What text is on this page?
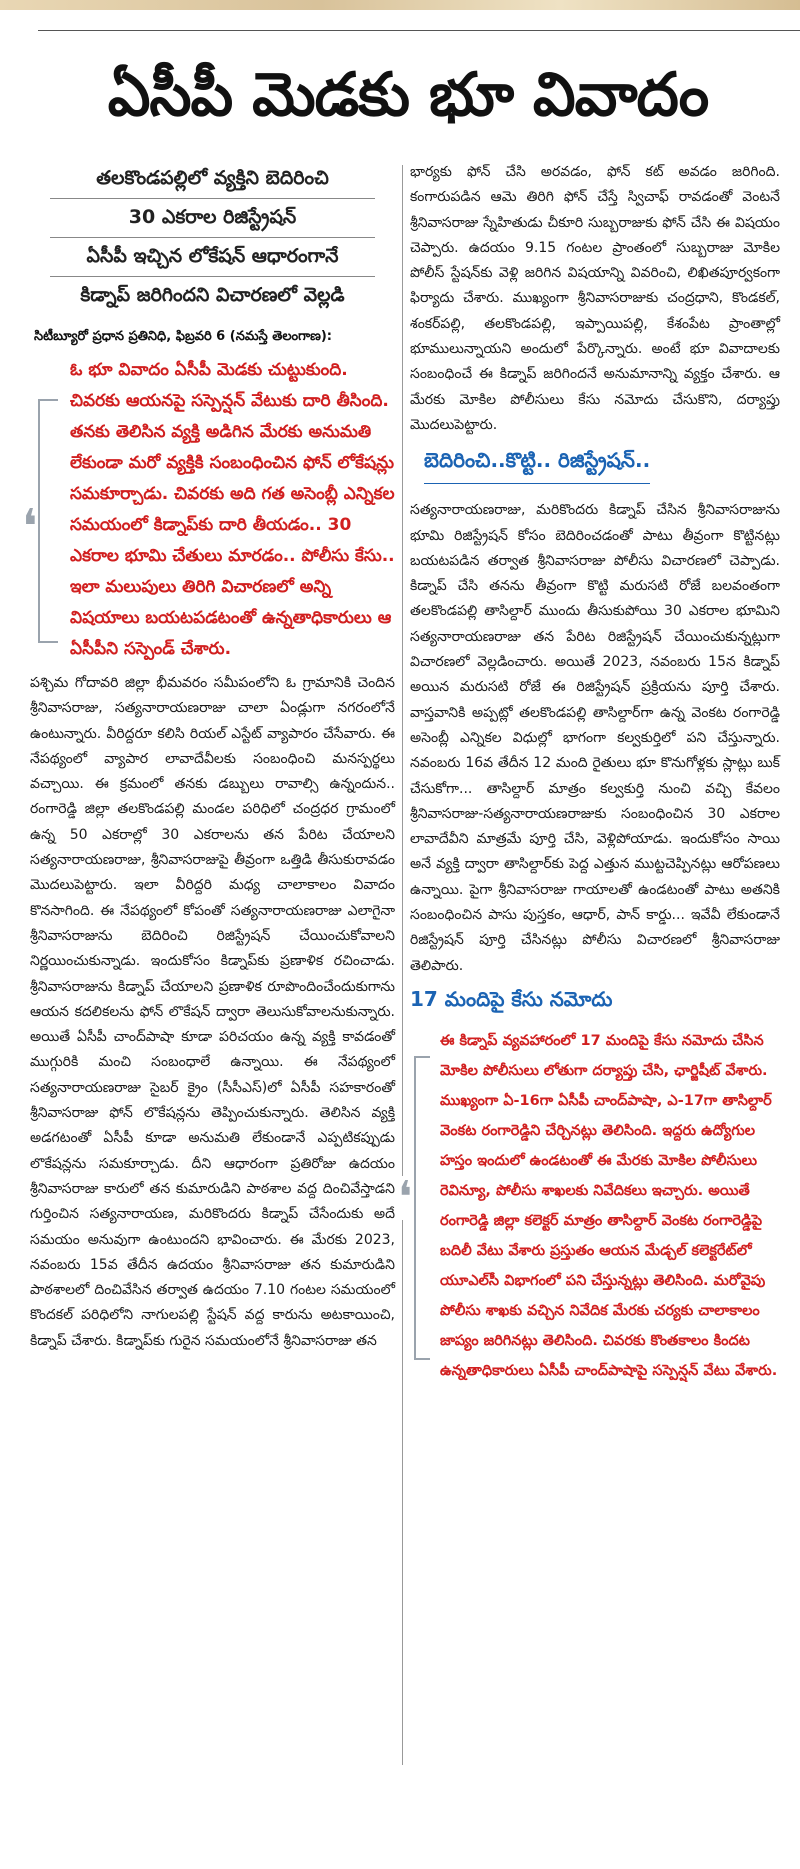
ఏసీపీ మెడకు భూ వివాదం
తలకొండపల్లిలో వ్యక్తిని బెదిరించి
30 ఎకరాల రిజిస్ట్రేషన్
ఏసీపీ ఇచ్చిన లోకేషన్ ఆధారంగానే
కిడ్నాప్ జరిగిందని విచారణలో వెల్లడి
సిటీబ్యూరో ప్రధాన ప్రతినిధి, ఫిబ్రవరి 6 (నమస్తే తెలంగాణ):
❛
ఓ భూ వివాదం ఏసీపీ మెడకు చుట్టుకుంది. చివరకు ఆయనపై సస్పెన్షన్ వేటుకు దారి తీసింది. తనకు తెలిసిన వ్యక్తి అడిగిన మేరకు అనుమతి లేకుండా మరో వ్యక్తికి సంబంధించిన ఫోన్ లోకేషన్లు సమకూర్చాడు. చివరకు అది గత అసెంబ్లీ ఎన్నికల సమయంలో కిడ్నాప్‌కు దారి తీయడం.. 30 ఎకరాల భూమి చేతులు మారడం.. పోలీసు కేసు.. ఇలా మలుపులు తిరిగి విచారణలో అన్ని విషయాలు బయటపడటంతో ఉన్నతాధికారులు ఆ ఏసీపీని సస్పెండ్ చేశారు.
పశ్చిమ గోదావరి జిల్లా భీమవరం సమీపంలోని ఓ గ్రామానికి చెందిన శ్రీనివాసరాజు, సత్యనారాయణరాజు చాలా ఏండ్లుగా నగరంలోనే ఉంటున్నారు. వీరిద్దరూ కలిసి రియల్ ఎస్టేట్ వ్యాపారం చేసేవారు. ఈ నేపథ్యంలో వ్యాపార లావాదేవీలకు సంబంధించి మనస్పర్థలు వచ్చాయి. ఈ క్రమంలో తనకు డబ్బులు రావాల్సి ఉన్నందున.. రంగారెడ్డి జిల్లా తలకొండపల్లి మండల పరిధిలో చంద్రధర గ్రామంలో ఉన్న 50 ఎకరాల్లో 30 ఎకరాలను తన పేరిట చేయాలని సత్యనారాయణరాజు, శ్రీనివాసరాజుపై తీవ్రంగా ఒత్తిడి తీసుకురావడం మొదలుపెట్టారు. ఇలా వీరిద్దరి మధ్య చాలాకాలం వివాదం కొనసాగింది. ఈ నేపథ్యంలో కోపంతో సత్యనారాయణరాజు ఎలాగైనా శ్రీనివాసరాజును బెదిరించి రిజిస్ట్రేషన్ చేయించుకోవాలని నిర్ణయించుకున్నాడు. ఇందుకోసం కిడ్నాప్‌కు ప్రణాళిక రచించాడు. శ్రీనివాసరాజును కిడ్నాప్ చేయాలని ప్రణాళిక రూపొందించేందుకుగాను ఆయన కదలికలను ఫోన్ లొకేషన్ ద్వారా తెలుసుకోవాలనుకున్నారు. అయితే ఏసీపీ చాంద్‌పాషా కూడా పరిచయం ఉన్న వ్యక్తి కావడంతో ముగ్గురికి మంచి సంబంధాలే ఉన్నాయి. ఈ నేపథ్యంలో సత్యనారాయణరాజు సైబర్ క్రైం (సీసీఎస్)లో ఏసీపీ సహకారంతో శ్రీనివాసరాజు ఫోన్ లొకేషన్లను తెప్పించుకున్నారు. తెలిసిన వ్యక్తి అడగటంతో ఏసీపీ కూడా అనుమతి లేకుండానే ఎప్పటికప్పుడు లొకేషన్లను సమకూర్చాడు. దీని ఆధారంగా ప్రతిరోజు ఉదయం శ్రీనివాసరాజు కారులో తన కుమారుడిని పాఠశాల వద్ద దించివేస్తాడని గుర్తించిన సత్యనారాయణ, మరికొందరు కిడ్నాప్ చేసేందుకు అదే సమయం అనువుగా ఉంటుందని భావించారు. ఈ మేరకు 2023, నవంబరు 15వ తేదీన ఉదయం శ్రీనివాసరాజు తన కుమారుడిని పాఠశాలలో దించివేసిన తర్వాత ఉదయం 7.10 గంటల సమయంలో కొందకల్ పరిధిలోని నాగులపల్లి స్టేషన్ వద్ద కారును అటకాయించి, కిడ్నాప్ చేశారు. కిడ్నాప్‌కు గురైన సమయంలోనే శ్రీనివాసరాజు తన
భార్యకు ఫోన్ చేసి అరవడం, ఫోన్ కట్ అవడం జరిగింది. కంగారుపడిన ఆమె తిరిగి ఫోన్ చేస్తే స్విచాఫ్ రావడంతో వెంటనే శ్రీనివాసరాజు స్నేహితుడు చీకూరి సుబ్బరాజుకు ఫోన్ చేసి ఈ విషయం చెప్పారు. ఉదయం 9.15 గంటల ప్రాంతంలో సుబ్బరాజు మోకిల పోలీస్ స్టేషన్‌కు వెళ్లి జరిగిన విషయాన్ని వివరించి, లిఖితపూర్వకంగా ఫిర్యాదు చేశారు. ముఖ్యంగా శ్రీనివాసరాజుకు చంద్రధాని, కొండకల్, శంకర్‌పల్లి, తలకొండపల్లి, ఇప్పాయిపల్లి, కేశంపేట ప్రాంతాల్లో భూములున్నాయని అందులో పేర్కొన్నారు. అంటే భూ వివాదాలకు సంబంధించే ఈ కిడ్నాప్ జరిగిందనే అనుమానాన్ని వ్యక్తం చేశారు. ఆ మేరకు మోకిల పోలీసులు కేసు నమోదు చేసుకొని, దర్యాప్తు మొదలుపెట్టారు.
బెదిరించి..కొట్టి.. రిజిస్ట్రేషన్..
సత్యనారాయణరాజు, మరికొందరు కిడ్నాప్ చేసిన శ్రీనివాసరాజును భూమి రిజిస్ట్రేషన్ కోసం బెదిరించడంతో పాటు తీవ్రంగా కొట్టినట్లు బయటపడిన తర్వాత శ్రీనివాసరాజు పోలీసు విచారణలో చెప్పాడు. కిడ్నాప్ చేసి తనను తీవ్రంగా కొట్టి మరుసటి రోజే బలవంతంగా తలకొండపల్లి తాసిల్దార్ ముందు తీసుకుపోయి 30 ఎకరాల భూమిని సత్యనారాయణరాజు తన పేరిట రిజిస్ట్రేషన్ చేయించుకున్నట్లుగా విచారణలో వెల్లడించారు. అయితే 2023, నవంబరు 15న కిడ్నాప్ అయిన మరుసటి రోజే ఈ రిజిస్ట్రేషన్ ప్రక్రియను పూర్తి చేశారు. వాస్తవానికి అప్పట్లో తలకొండపల్లి తాసిల్దార్‌గా ఉన్న వెంకట రంగారెడ్డి అసెంబ్లీ ఎన్నికల విధుల్లో భాగంగా కల్వకుర్తిలో పని చేస్తున్నారు. నవంబరు 16వ తేదీన 12 మంది రైతులు భూ కొనుగోళ్లకు స్లాట్లు బుక్ చేసుకోగా... తాసిల్దార్ మాత్రం కల్వకుర్తి నుంచి వచ్చి కేవలం శ్రీనివాసరాజు-సత్యనారాయణరాజుకు సంబంధించిన 30 ఎకరాల లావాదేవీని మాత్రమే పూర్తి చేసి, వెళ్లిపోయాడు. ఇందుకోసం సాయి అనే వ్యక్తి ద్వారా తాసిల్దార్‌కు పెద్ద ఎత్తున ముట్టచెప్పినట్లు ఆరోపణలు ఉన్నాయి. పైగా శ్రీనివాసరాజు గాయాలతో ఉండటంతో పాటు అతనికి సంబంధించిన పాసు పుస్తకం, ఆధార్, పాన్ కార్డు... ఇవేవీ లేకుండానే రిజిస్ట్రేషన్ పూర్తి చేసినట్లు పోలీసు విచారణలో శ్రీనివాసరాజు తెలిపారు.
17 మందిపై కేసు నమోదు
❛
ఈ కిడ్నాప్ వ్యవహారంలో 17 మందిపై కేసు నమోదు చేసిన మోకిల పోలీసులు లోతుగా దర్యాప్తు చేసి, ఛార్జిషీట్ వేశారు. ముఖ్యంగా ఏ-16గా ఏసీపీ చాంద్‌పాషా, ఎ-17గా తాసిల్దార్ వెంకట రంగారెడ్డిని చేర్చినట్లు తెలిసింది. ఇద్దరు ఉద్యోగుల హస్తం ఇందులో ఉండటంతో ఈ మేరకు మోకిల పోలీసులు రెవిన్యూ, పోలీసు శాఖలకు నివేదికలు ఇచ్చారు. అయితే రంగారెడ్డి జిల్లా కలెక్టర్ మాత్రం తాసిల్దార్ వెంకట రంగారెడ్డిపై బదిలీ వేటు వేశారు ప్రస్తుతం ఆయన మేడ్చల్ కలెక్టరేట్‌లో యూఎల్‌సీ విభాగంలో పని చేస్తున్నట్లు తెలిసింది. మరోవైపు పోలీసు శాఖకు వచ్చిన నివేదిక మేరకు చర్యకు చాలాకాలం జాప్యం జరిగినట్లు తెలిసింది. చివరకు కొంతకాలం కిందట ఉన్నతాధికారులు ఏసీపీ చాంద్‌పాషాపై సస్పెన్షన్ వేటు వేశారు.
